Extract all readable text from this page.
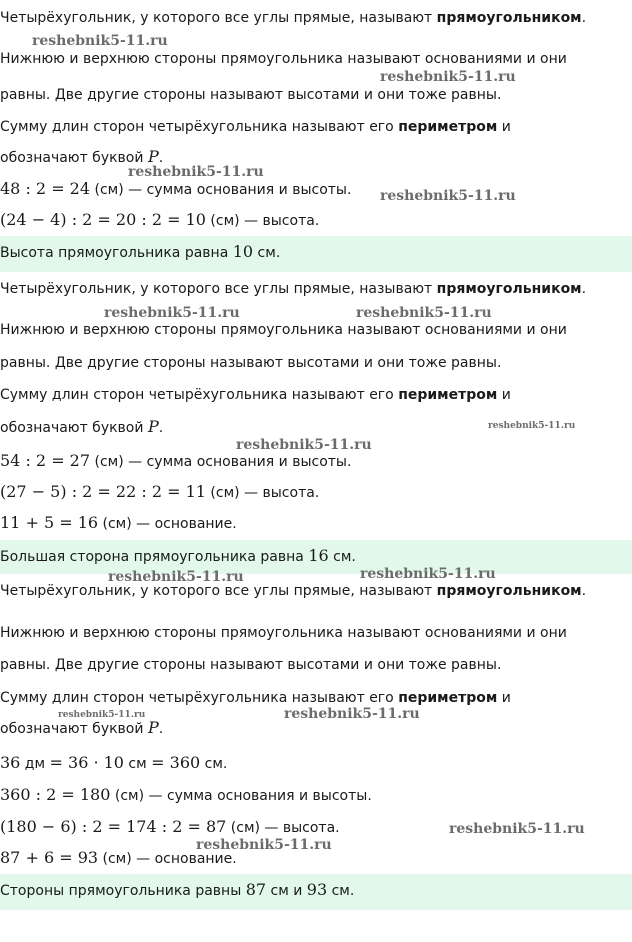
Четырёхугольник, у которого все углы прямые, называют прямоугольником.
Нижнюю и верхнюю стороны прямоугольника называют основаниями и они
равны. Две другие стороны называют высотами и они тоже равны.
Сумму длин сторон четырёхугольника называют его периметром и
обозначают буквой P.
48 : 2 = 24 (см) — сумма основания и высоты.
(24 − 4) : 2 = 20 : 2 = 10 (см) — высота.
Высота прямоугольника равна 10 см.
Четырёхугольник, у которого все углы прямые, называют прямоугольником.
Нижнюю и верхнюю стороны прямоугольника называют основаниями и они
равны. Две другие стороны называют высотами и они тоже равны.
Сумму длин сторон четырёхугольника называют его периметром и
обозначают буквой P.
54 : 2 = 27 (см) — сумма основания и высоты.
(27 − 5) : 2 = 22 : 2 = 11 (см) — высота.
11 + 5 = 16 (см) — основание.
Большая сторона прямоугольника равна 16 см.
Четырёхугольник, у которого все углы прямые, называют прямоугольником.
Нижнюю и верхнюю стороны прямоугольника называют основаниями и они
равны. Две другие стороны называют высотами и они тоже равны.
Сумму длин сторон четырёхугольника называют его периметром и
обозначают буквой P.
36 дм = 36 · 10 см = 360 см.
360 : 2 = 180 (см) — сумма основания и высоты.
(180 − 6) : 2 = 174 : 2 = 87 (см) — высота.
87 + 6 = 93 (см) — основание.
Стороны прямоугольника равны 87 см и 93 см.
reshebnik5-11.ru
reshebnik5-11.ru
reshebnik5-11.ru
reshebnik5-11.ru
reshebnik5-11.ru	reshebnik5-11.ru
reshebnik5-11.ru
reshebnik5-11.ru
reshebnik5-11.ru	reshebnik5-11.ru
reshebnik5-11.ru	reshebnik5-11.ru
reshebnik5-11.ru
reshebnik5-11.ru
